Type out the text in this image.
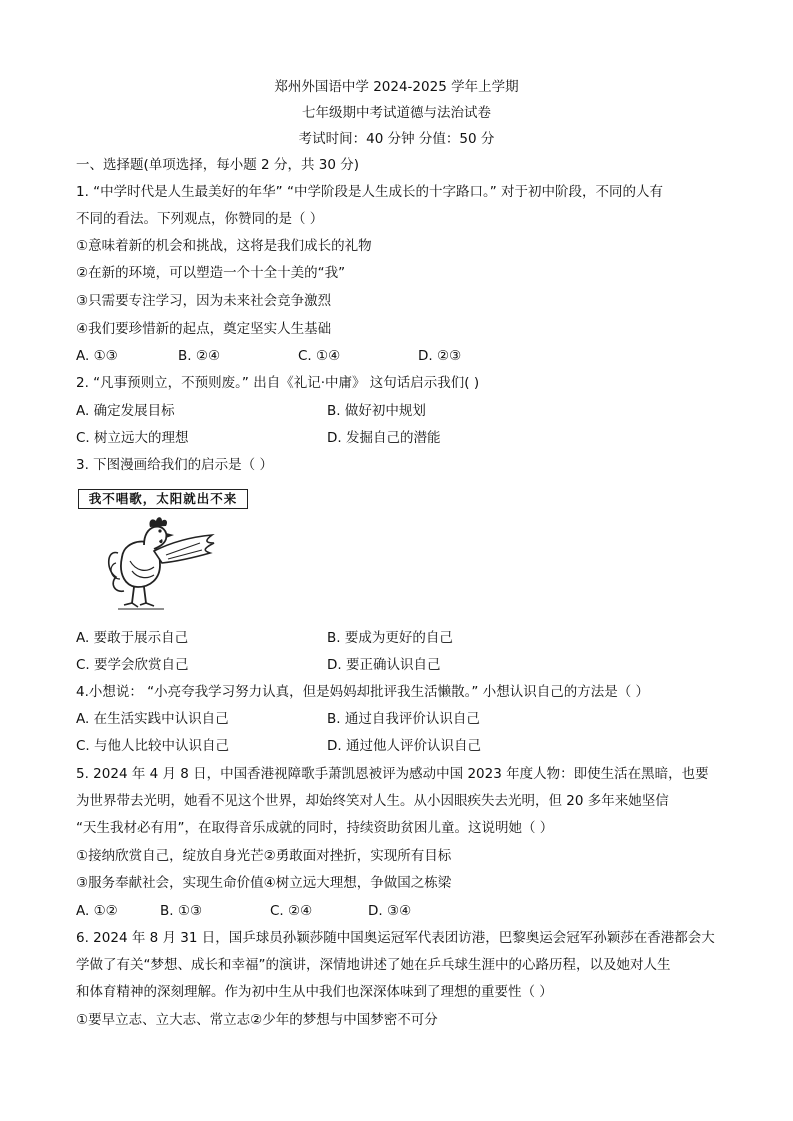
郑州外国语中学 2024-2025 学年上学期
七年级期中考试道德与法治试卷
考试时间：40 分钟 分值：50 分
一、选择题(单项选择，每小题 2 分，共 30 分)
1. “中学时代是人生最美好的年华” “中学阶段是人生成长的十字路口。” 对于初中阶段，不同的人有
不同的看法。下列观点，你赞同的是（ ）
①意味着新的机会和挑战，这将是我们成长的礼物
②在新的环境，可以塑造一个十全十美的“我”
③只需要专注学习，因为未来社会竞争激烈
④我们要珍惜新的起点，奠定坚实人生基础
A. ①③	B. ②④	C. ①④	D. ②③
2. “凡事预则立，不预则废。” 出自《礼记·中庸》 这句话启示我们( )
A. 确定发展目标	B. 做好初中规划
C. 树立远大的理想	D. 发掘自己的潜能
3. 下图漫画给我们的启示是（ ）
我不唱歌，太阳就出不来
A. 要敢于展示自己	B. 要成为更好的自己
C. 要学会欣赏自己	D. 要正确认识自己
4.小想说： “小亮夸我学习努力认真，但是妈妈却批评我生活懒散。” 小想认识自己的方法是（ ）
A. 在生活实践中认识自己	B. 通过自我评价认识自己
C. 与他人比较中认识自己	D. 通过他人评价认识自己
5. 2024 年 4 月 8 日，中国香港视障歌手萧凯恩被评为感动中国 2023 年度人物：即使生活在黑暗，也要
为世界带去光明，她看不见这个世界，却始终笑对人生。从小因眼疾失去光明，但 20 多年来她坚信
“天生我材必有用”，在取得音乐成就的同时，持续资助贫困儿童。这说明她（ ）
①接纳欣赏自己，绽放自身光芒②勇敢面对挫折，实现所有目标
③服务奉献社会，实现生命价值④树立远大理想，争做国之栋梁
A. ①②	B. ①③	C. ②④	D. ③④
6. 2024 年 8 月 31 日，国乒球员孙颖莎随中国奥运冠军代表团访港，巴黎奥运会冠军孙颖莎在香港都会大
学做了有关“梦想、成长和幸福”的演讲，深情地讲述了她在乒乓球生涯中的心路历程，以及她对人生
和体育精神的深刻理解。作为初中生从中我们也深深体味到了理想的重要性（ ）
①要早立志、立大志、常立志②少年的梦想与中国梦密不可分
